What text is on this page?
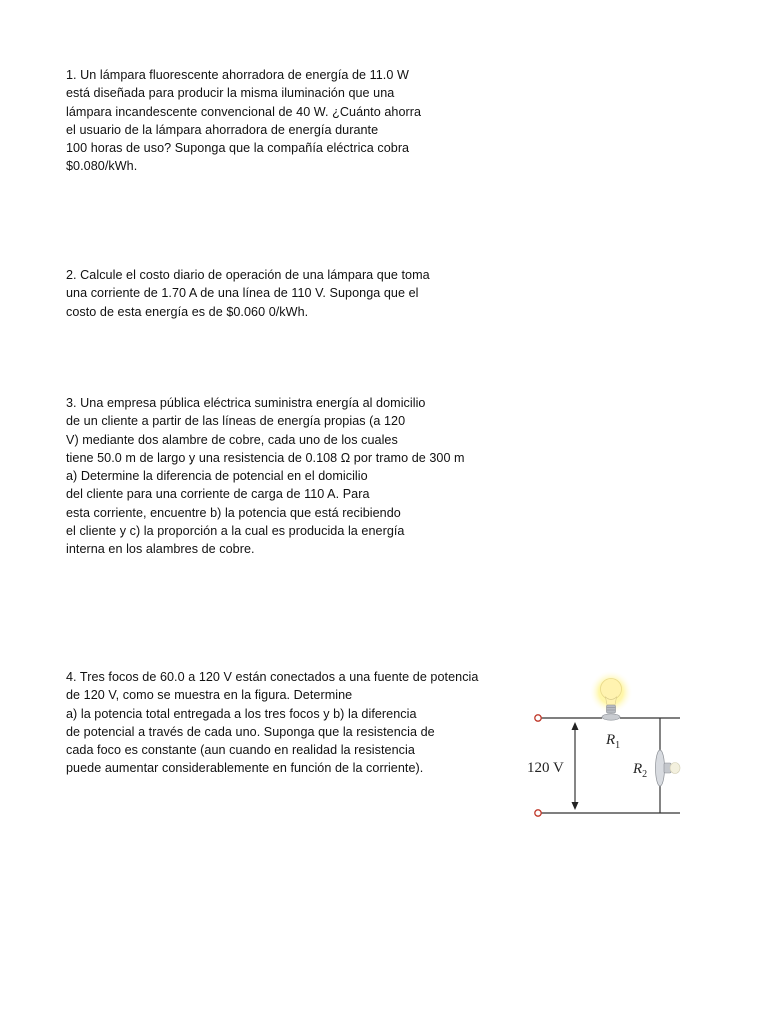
1. Un lámpara fluorescente ahorradora de energía de 11.0 W
está diseñada para producir la misma iluminación que una
lámpara incandescente convencional de 40 W. ¿Cuánto ahorra
el usuario de la lámpara ahorradora de energía durante
100 horas de uso? Suponga que la compañía eléctrica cobra
$0.080/kWh.
2. Calcule el costo diario de operación de una lámpara que toma
una corriente de 1.70 A de una línea de 110 V. Suponga que el
costo de esta energía es de $0.060 0/kWh.
3. Una empresa pública eléctrica suministra energía al domicilio
de un cliente a partir de las líneas de energía propias (a 120
V) mediante dos alambre de cobre, cada uno de los cuales
tiene 50.0 m de largo y una resistencia de 0.108 Ω por tramo de 300 m
a) Determine la diferencia de potencial en el domicilio
del cliente para una corriente de carga de 110 A. Para
esta corriente, encuentre b) la potencia que está recibiendo
el cliente y c) la proporción a la cual es producida la energía
interna en los alambres de cobre.
4. Tres focos de 60.0 a 120 V están conectados a una fuente de potencia
de 120 V, como se muestra en la figura. Determine
a) la potencia total entregada a los tres focos y b) la diferencia
de potencial a través de cada uno. Suponga que la resistencia de
cada foco es constante (aun cuando en realidad la resistencia
puede aumentar considerablemente en función de la corriente).
$R_1$
$R_2$
120 V
